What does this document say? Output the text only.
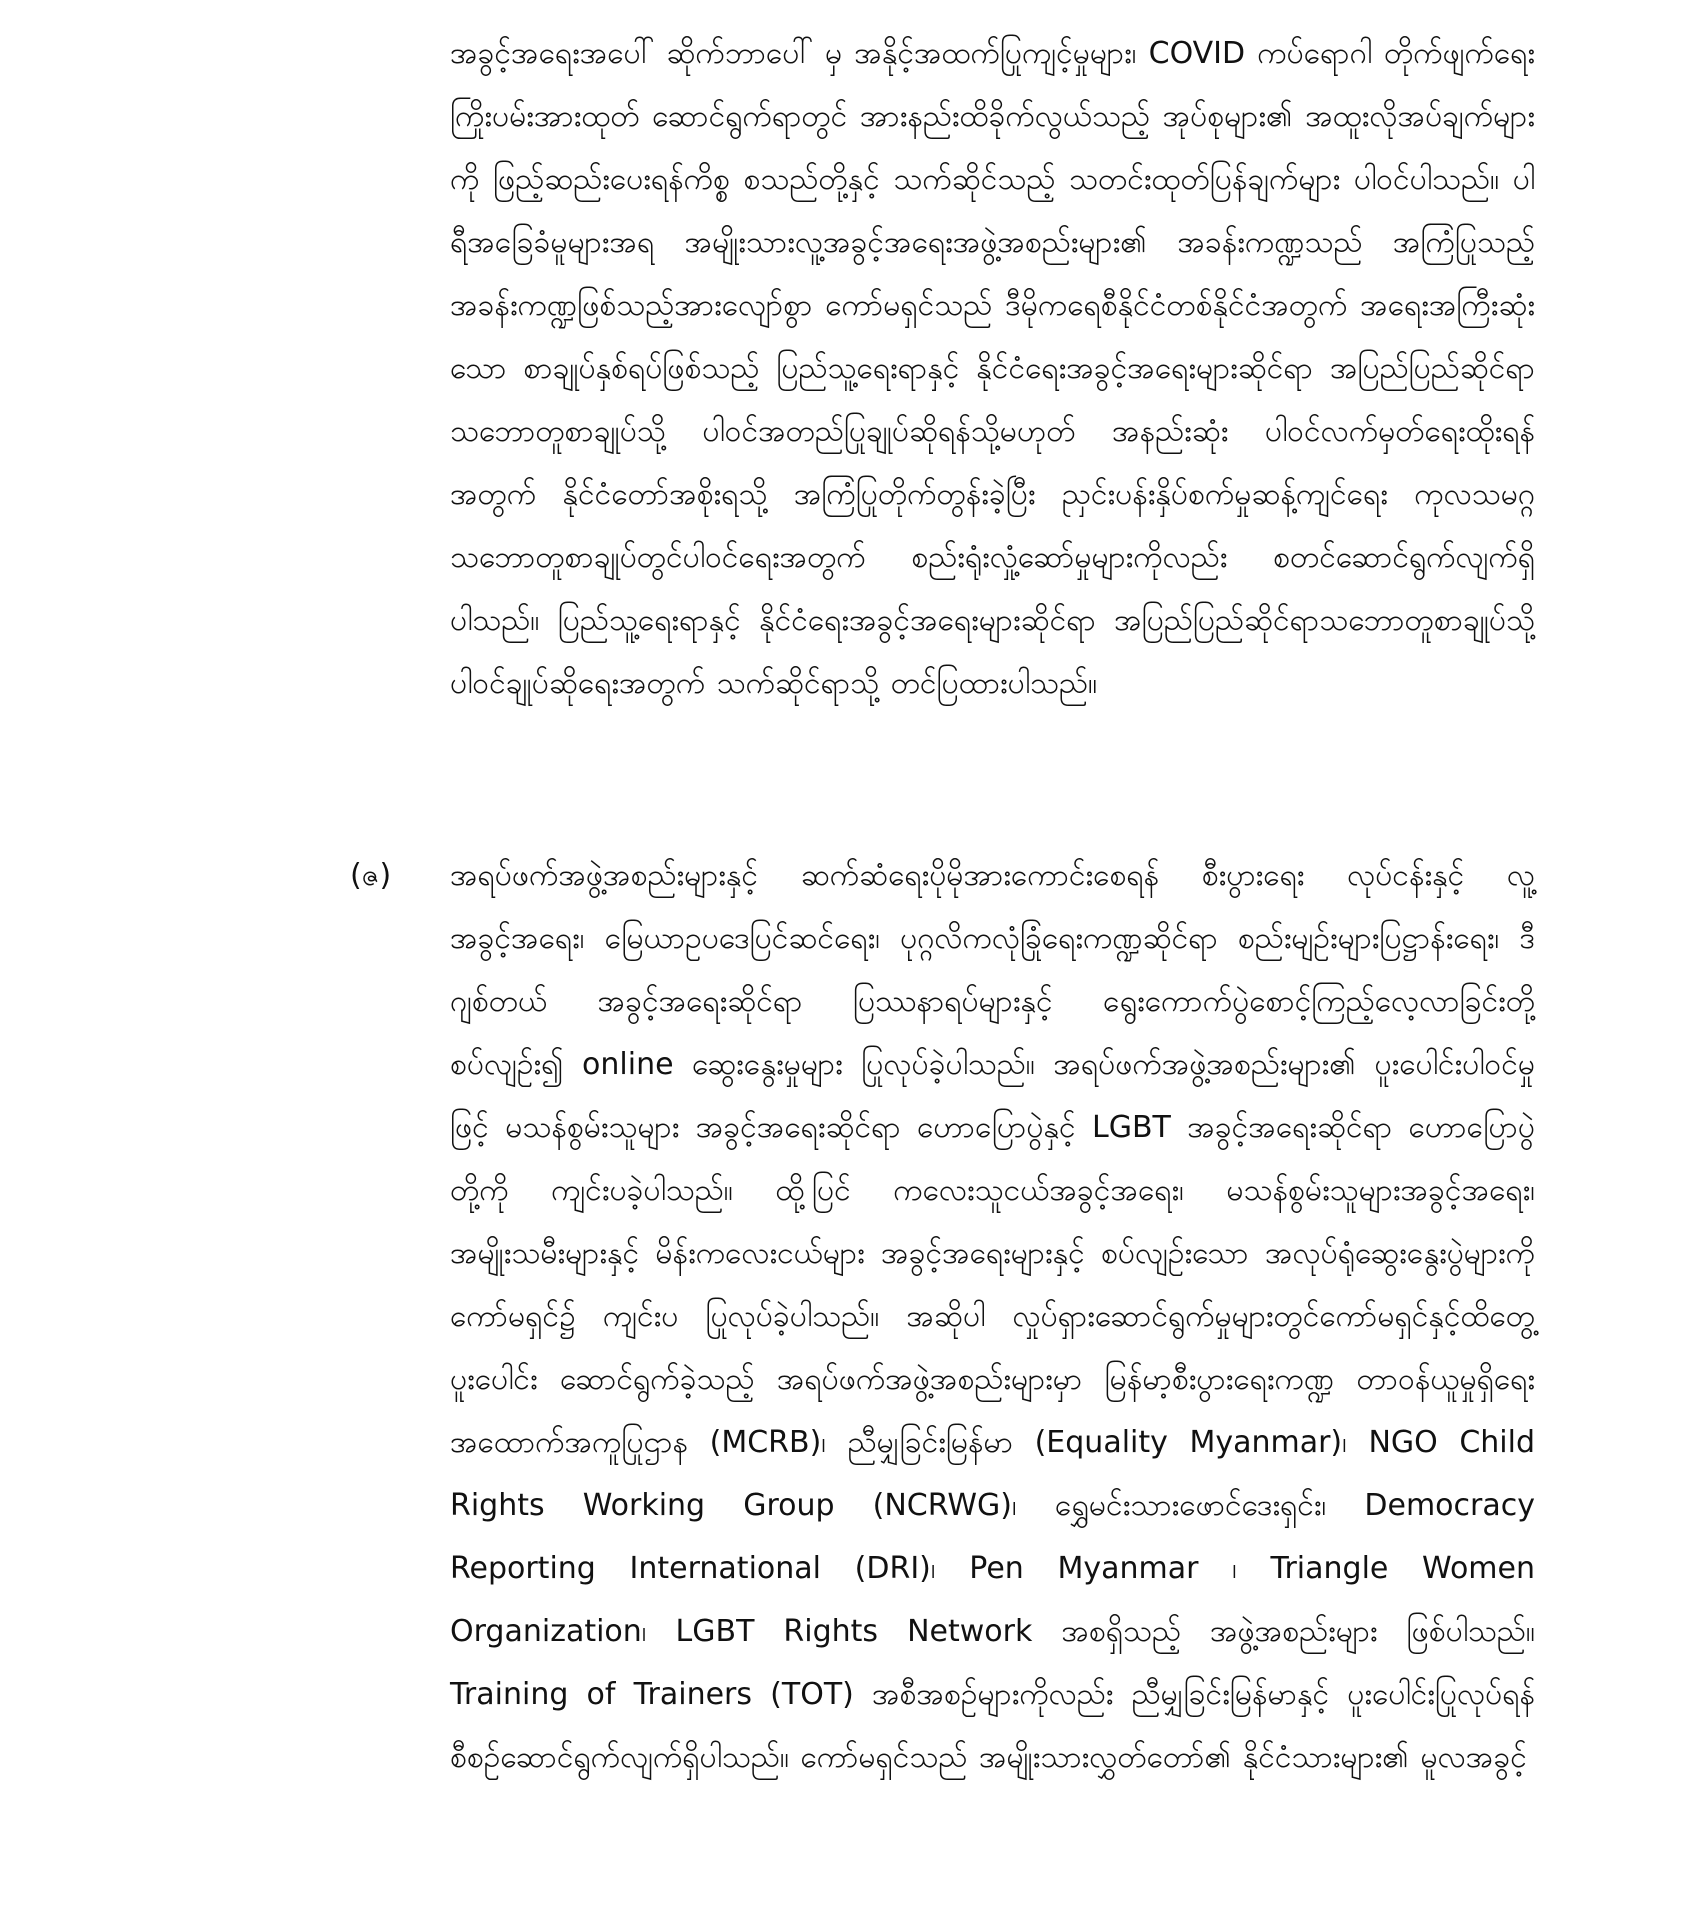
အခွင့်အရေးအပေါ် ဆိုက်ဘာပေါ် မှ အနိုင့်အထက်ပြုကျင့်မှုများ၊ COVID ကပ်ရောဂါ တိုက်ဖျက်ရေး ကြိုးပမ်းအားထုတ် ဆောင်ရွက်ရာတွင် အားနည်းထိခိုက်လွယ်သည့် အုပ်စုများ၏ အထူးလိုအပ်ချက်များကို ဖြည့်ဆည်းပေးရန်ကိစ္စ စသည်တို့နှင့် သက်ဆိုင်သည့် သတင်းထုတ်ပြန်ချက်များ ပါဝင်ပါသည်။ ပါရီအခြေခံမူများအရ အမျိုးသားလူ့အခွင့်အရေးအဖွဲ့အစည်းများ၏ အခန်းကဏ္ဍသည် အကြံပြုသည့် အခန်းကဏ္ဍဖြစ်သည့်အားလျော်စွာ ကော်မရှင်သည် ဒီမိုကရေစီနိုင်ငံတစ်နိုင်ငံအတွက် အရေးအကြီးဆုံးသော စာချုပ်နှစ်ရပ်ဖြစ်သည့် ပြည်သူ့ရေးရာနှင့် နိုင်ငံရေးအခွင့်အရေးများဆိုင်ရာ အပြည်ပြည်ဆိုင်ရာသဘောတူစာချုပ်သို့ ပါဝင်အတည်ပြုချုပ်ဆိုရန်သို့မဟုတ် အနည်းဆုံး ပါဝင်လက်မှတ်ရေးထိုးရန်အတွက် နိုင်ငံတော်အစိုးရသို့ အကြံပြုတိုက်တွန်းခဲ့ပြီး ညှင်းပန်းနှိပ်စက်မှုဆန့်ကျင်ရေး ကုလသမဂ္ဂသဘောတူစာချုပ်တွင်ပါဝင်ရေးအတွက် စည်းရုံးလှုံ့ဆော်မှုများကိုလည်း စတင်ဆောင်ရွက်လျက်ရှိပါသည်။ ပြည်သူ့ရေးရာနှင့် နိုင်ငံရေးအခွင့်အရေးများဆိုင်ရာ အပြည်ပြည်ဆိုင်ရာသဘောတူစာချုပ်သို့ ပါဝင်ချုပ်ဆိုရေးအတွက် သက်ဆိုင်ရာသို့ တင်ပြထားပါသည်။
(ဇ)	အရပ်ဖက်အဖွဲ့အစည်းများနှင့် ဆက်ဆံရေးပိုမိုအားကောင်းစေရန် စီးပွားရေး လုပ်ငန်းနှင့် လူ့အခွင့်အရေး၊ မြေယာဥပဒေပြင်ဆင်ရေး၊ ပုဂ္ဂလိကလုံခြုံရေးကဏ္ဍဆိုင်ရာ စည်းမျဉ်းများပြဋ္ဌာန်းရေး၊ ဒီဂျစ်တယ် အခွင့်အရေးဆိုင်ရာ ပြဿနာရပ်များနှင့် ရွေးကောက်ပွဲစောင့်ကြည့်လေ့လာခြင်းတို့ စပ်လျဉ်း၍ online ဆွေးနွေးမှုများ ပြုလုပ်ခဲ့ပါသည်။ အရပ်ဖက်အဖွဲ့အစည်းများ၏ ပူးပေါင်းပါဝင်မှုဖြင့် မသန်စွမ်းသူများ အခွင့်အရေးဆိုင်ရာ ဟောပြောပွဲနှင့် LGBT အခွင့်အရေးဆိုင်ရာ ဟောပြောပွဲတို့ကို ကျင်းပခဲ့ပါသည်။ ထို့ပြင် ကလေးသူငယ်အခွင့်အရေး၊ မသန်စွမ်းသူများအခွင့်အရေး၊ အမျိုးသမီးများနှင့် မိန်းကလေးငယ်များ အခွင့်အရေးများနှင့် စပ်လျဉ်းသော အလုပ်ရုံဆွေးနွေးပွဲများကို ကော်မရှင်၌ ကျင်းပ ပြုလုပ်ခဲ့ပါသည်။ အဆိုပါ လှုပ်ရှားဆောင်ရွက်မှုများတွင်ကော်မရှင်နှင့်ထိတွေ့ပူးပေါင်း ဆောင်ရွက်ခဲ့သည့် အရပ်ဖက်အဖွဲ့အစည်းများမှာ မြန်မာ့စီးပွားရေးကဏ္ဍ တာဝန်ယူမှုရှိရေး အထောက်အကူပြုဌာန (MCRB)၊ ညီမျှခြင်းမြန်မာ (Equality Myanmar)၊ NGO Child Rights Working Group (NCRWG)၊ ရွှေမင်းသားဖောင်ဒေးရှင်း၊ Democracy Reporting International (DRI)၊ Pen Myanmar ၊ Triangle Women Organization၊ LGBT Rights Network အစရှိသည့် အဖွဲ့အစည်းများ ဖြစ်ပါသည်။ Training of Trainers (TOT) အစီအစဉ်များကိုလည်း ညီမျှခြင်းမြန်မာနှင့် ပူးပေါင်းပြုလုပ်ရန် စီစဉ်ဆောင်ရွက်လျက်ရှိပါသည်။ ကော်မရှင်သည် အမျိုးသားလွှတ်တော်၏ နိုင်ငံသားများ၏ မူလအခွင့်
